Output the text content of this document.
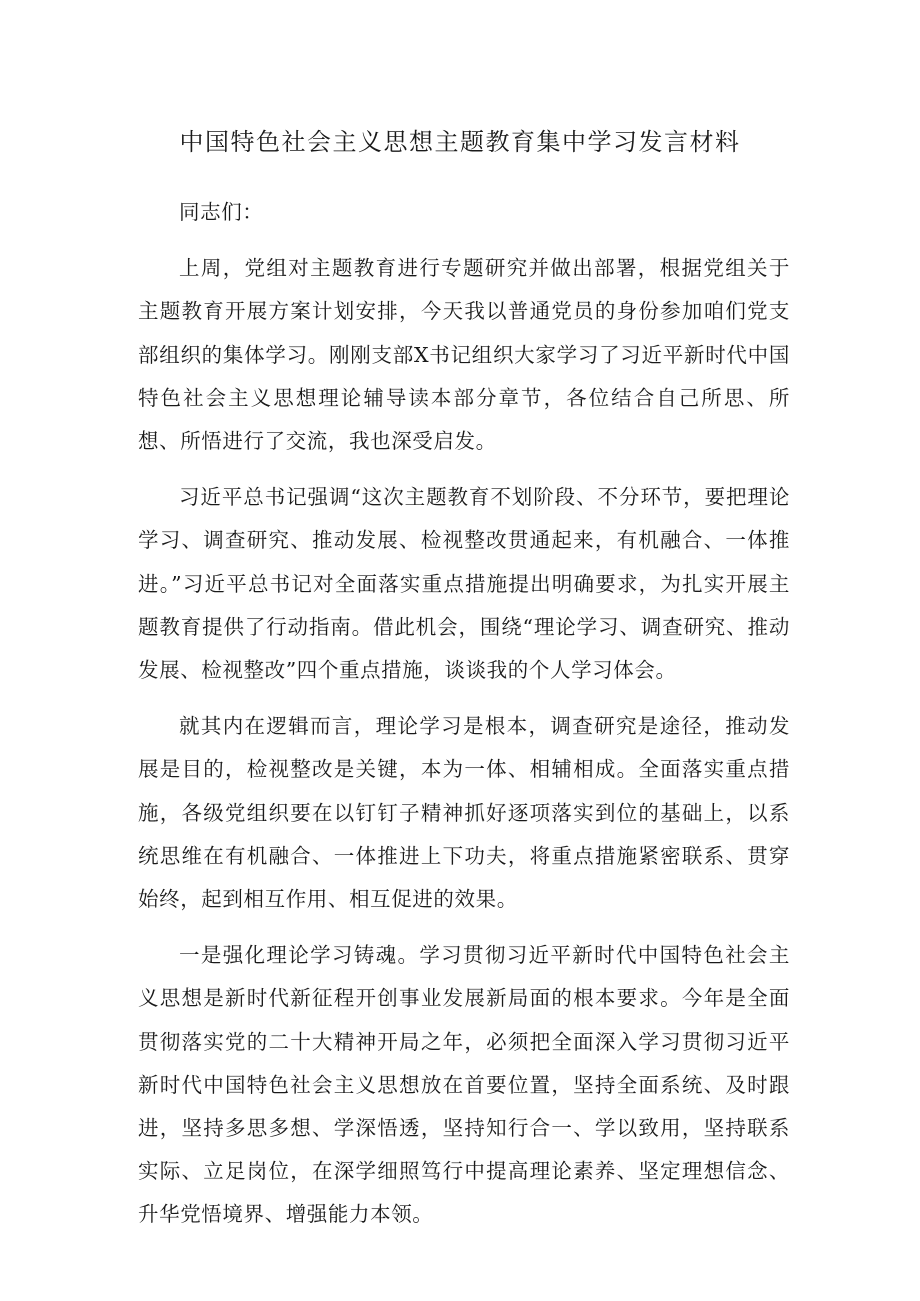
中国特色社会主义思想主题教育集中学习发言材料

同志们：

上周，党组对主题教育进行专题研究并做出部署，根据党组关于主题教育开展方案计划安排，今天我以普通党员的身份参加咱们党支部组织的集体学习。刚刚支部X书记组织大家学习了习近平新时代中国特色社会主义思想理论辅导读本部分章节，各位结合自己所思、所想、所悟进行了交流，我也深受启发。

习近平总书记强调“这次主题教育不划阶段、不分环节，要把理论学习、调查研究、推动发展、检视整改贯通起来，有机融合、一体推进。”习近平总书记对全面落实重点措施提出明确要求，为扎实开展主题教育提供了行动指南。借此机会，围绕“理论学习、调查研究、推动发展、检视整改”四个重点措施，谈谈我的个人学习体会。

就其内在逻辑而言，理论学习是根本，调查研究是途径，推动发展是目的，检视整改是关键，本为一体、相辅相成。全面落实重点措施，各级党组织要在以钉钉子精神抓好逐项落实到位的基础上，以系统思维在有机融合、一体推进上下功夫，将重点措施紧密联系、贯穿始终，起到相互作用、相互促进的效果。

一是强化理论学习铸魂。学习贯彻习近平新时代中国特色社会主义思想是新时代新征程开创事业发展新局面的根本要求。今年是全面贯彻落实党的二十大精神开局之年，必须把全面深入学习贯彻习近平新时代中国特色社会主义思想放在首要位置，坚持全面系统、及时跟进，坚持多思多想、学深悟透，坚持知行合一、学以致用，坚持联系实际、立足岗位，在深学细照笃行中提高理论素养、坚定理想信念、升华党悟境界、增强能力本领。
